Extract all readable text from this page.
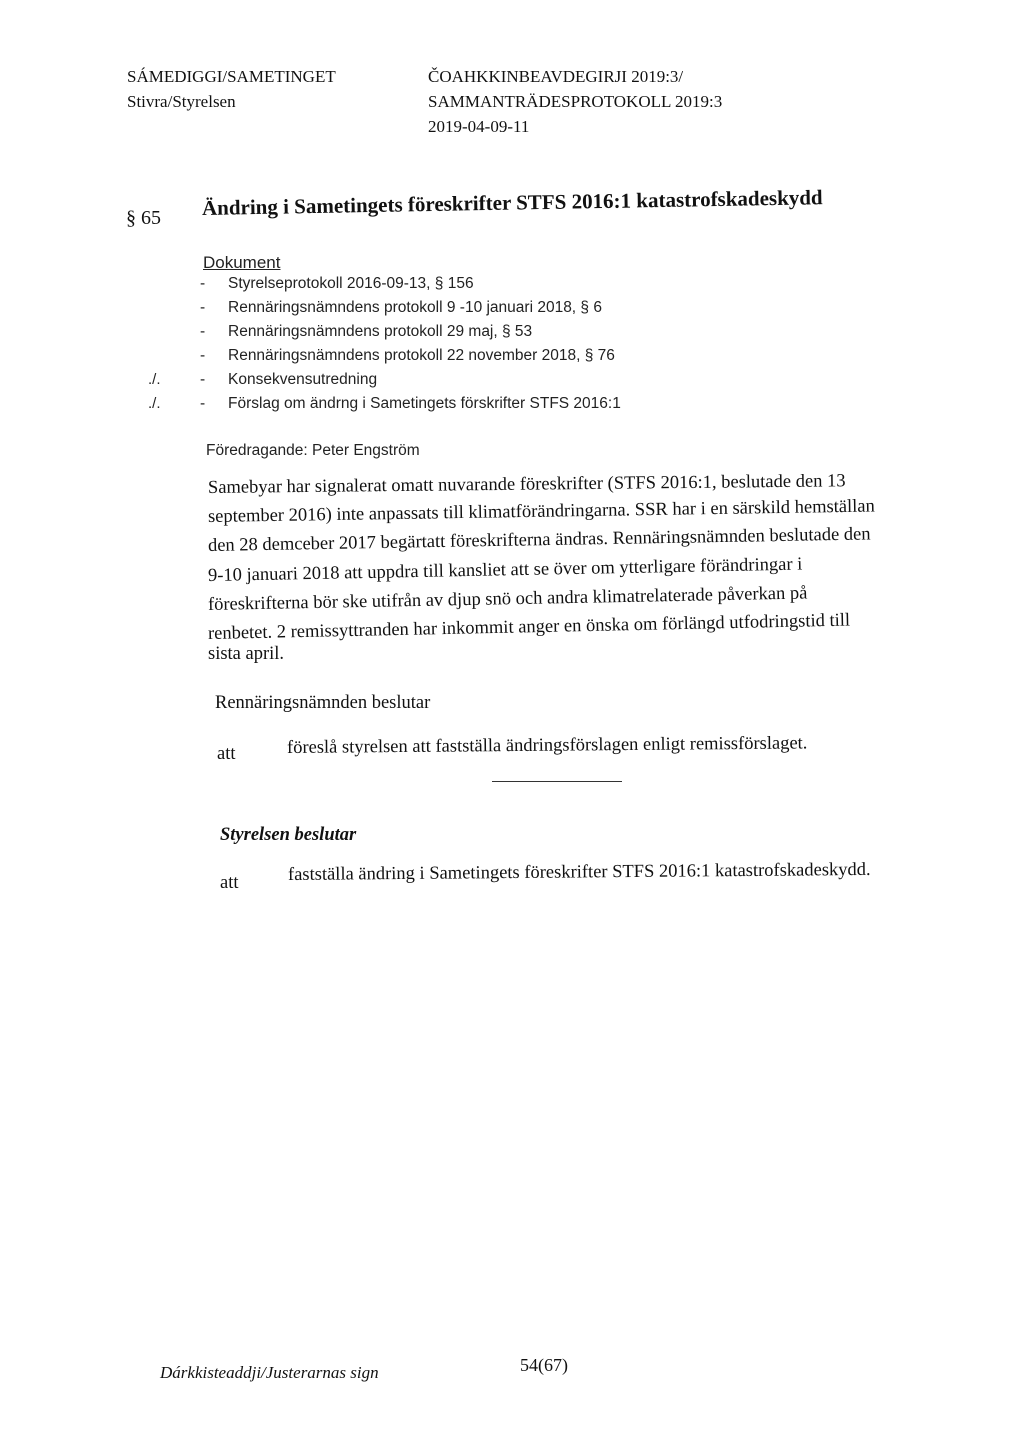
SÁMEDIGGI/SAMETINGET
Stivra/Styrelsen
ČOAHKKINBEAVDEGIRJI 2019:3/
SAMMANTRÄDESPROTOKOLL 2019:3
2019-04-09-11
§ 65 Ändring i Sametingets föreskrifter STFS 2016:1 katastrofskadeskydd
Dokument
- Styrelseprotokoll 2016-09-13, § 156
- Rennäringsnämndens protokoll 9 -10 januari 2018, § 6
- Rennäringsnämndens protokoll 29 maj, § 53
- Rennäringsnämndens protokoll 22 november 2018, § 76
- Konsekvensutredning
- Förslag om ändrng i Sametingets förskrifter STFS 2016:1
./.
./.
Föredragande: Peter Engström
Samebyar har signalerat omatt nuvarande föreskrifter (STFS 2016:1, beslutade den 13
september 2016) inte anpassats till klimatförändringarna. SSR har i en särskild hemställan
den 28 demceber 2017 begärtatt föreskrifterna ändras. Rennäringsnämnden beslutade den
9-10 januari 2018 att uppdra till kansliet att se över om ytterligare förändringar i
föreskrifterna bör ske utifrån av djup snö och andra klimatrelaterade påverkan på
renbetet. 2 remissyttranden har inkommit anger en önska om förlängd utfodringstid till
sista april.
Rennäringsnämnden beslutar
att	föreslå styrelsen att fastställa ändringsförslagen enligt remissförslaget.
Styrelsen beslutar
att	fastställa ändring i Sametingets föreskrifter STFS 2016:1 katastrofskadeskydd.
Dárkkisteaddji/Justerarnas sign	54(67)
